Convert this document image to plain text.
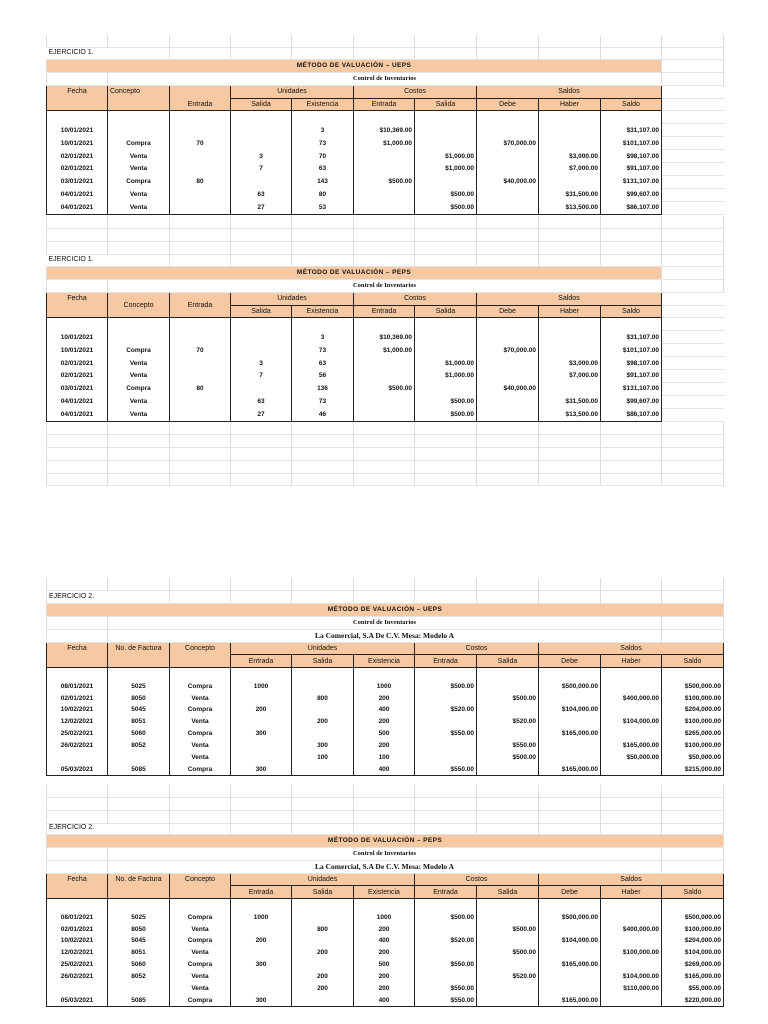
EJERCICIO 1.										
MÉTODO DE VALUACIÓN – UEPS										
	Control de Inventarios									
Fecha	Concepto	Entrada	Unidades		Costos		Saldos			
			Salida	Existencia	Entrada	Salida	Debe	Haber	Saldo	

10/01/2021				3	$10,369.00				$31,107.00	
10/01/2021	Compra	70		73	$1,000.00		$70,000.00		$101,107.00	
02/01/2021	Venta		3	70		$1,000.00		$3,000.00	$98,107.00	
02/01/2021	Venta		7	63		$1,000.00		$7,000.00	$91,107.00	
03/01/2021	Compra	80		143	$500.00		$40,000.00		$131,107.00	
04/01/2021	Venta		63	80		$500.00		$31,500.00	$99,607.00	
04/01/2021	Venta		27	53		$500.00		$13,500.00	$86,107.00	

EJERCICIO 1.										
MÉTODO DE VALUACIÓN – PEPS										
	Control de Inventarios									
Fecha	Concepto	Entrada	Unidades		Costos		Saldos			
			Salida	Existencia	Entrada	Salida	Debe	Haber	Saldo	

10/01/2021				3	$10,369.00				$31,107.00	
10/01/2021	Compra	70		73	$1,000.00		$70,000.00		$101,107.00	
02/01/2021	Venta		3	63		$1,000.00		$3,000.00	$98,107.00	
02/01/2021	Venta		7	56		$1,000.00		$7,000.00	$91,107.00	
03/01/2021	Compra	80		136	$500.00		$40,000.00		$131,107.00	
04/01/2021	Venta		63	73		$500.00		$31,500.00	$99,607.00	
04/01/2021	Venta		27	46		$500.00		$13,500.00	$86,107.00	

EJERCICIO 2.										
MÉTODO DE VALUACIÓN – UEPS										
	Control de Inventarios									
	La Comercial, S.A De C.V. Mesa: Modelo A									
Fecha	No. de Factura	Concepto	Unidades			Costos		Saldos		
			Entrada	Salida	Existencia	Entrada	Salida	Debe	Haber	Saldo

08/01/2021	5025	Compra	1000		1000	$500.00		$500,000.00		$500,000.00
02/01/2021	8050	Venta		800	200		$500.00		$400,000.00	$100,000.00
10/02/2021	5045	Compra	200		400	$520.00		$104,000.00		$204,000.00
12/02/2021	8051	Venta		200	200		$520.00		$104,000.00	$100,000.00
25/02/2021	5060	Compra	300		500	$550.00		$165,000.00		$265,000.00
26/02/2021	8052	Venta		300	200		$550.00		$165,000.00	$100,000.00
		Venta		100	100		$500.00		$50,000.00	$50,000.00
05/03/2021	5085	Compra	300		400	$550.00		$165,000.00		$215,000.00

EJERCICIO 2.										
MÉTODO DE VALUACIÓN – PEPS										
	Control de Inventarios									
	La Comercial, S.A De C.V. Mesa: Modelo A									
Fecha	No. de Factura	Concepto	Unidades			Costos		Saldos		
			Entrada	Salida	Existencia	Entrada	Salida	Debe	Haber	Saldo

08/01/2021	5025	Compra	1000		1000	$500.00		$500,000.00		$500,000.00
02/01/2021	8050	Venta		800	200		$500.00		$400,000.00	$100,000.00
10/02/2021	5045	Compra	200		400	$520.00		$104,000.00		$204,000.00
12/02/2021	8051	Venta		200	200		$500.00		$100,000.00	$104,000.00
25/02/2021	5060	Compra	300		500	$550.00		$165,000.00		$269,000.00
26/02/2021	8052	Venta		200	200		$520.00		$104,000.00	$165,000.00
		Venta		200	200	$550.00			$110,000.00	$55,000.00
05/03/2021	5085	Compra	300		400	$550.00		$165,000.00		$220,000.00
